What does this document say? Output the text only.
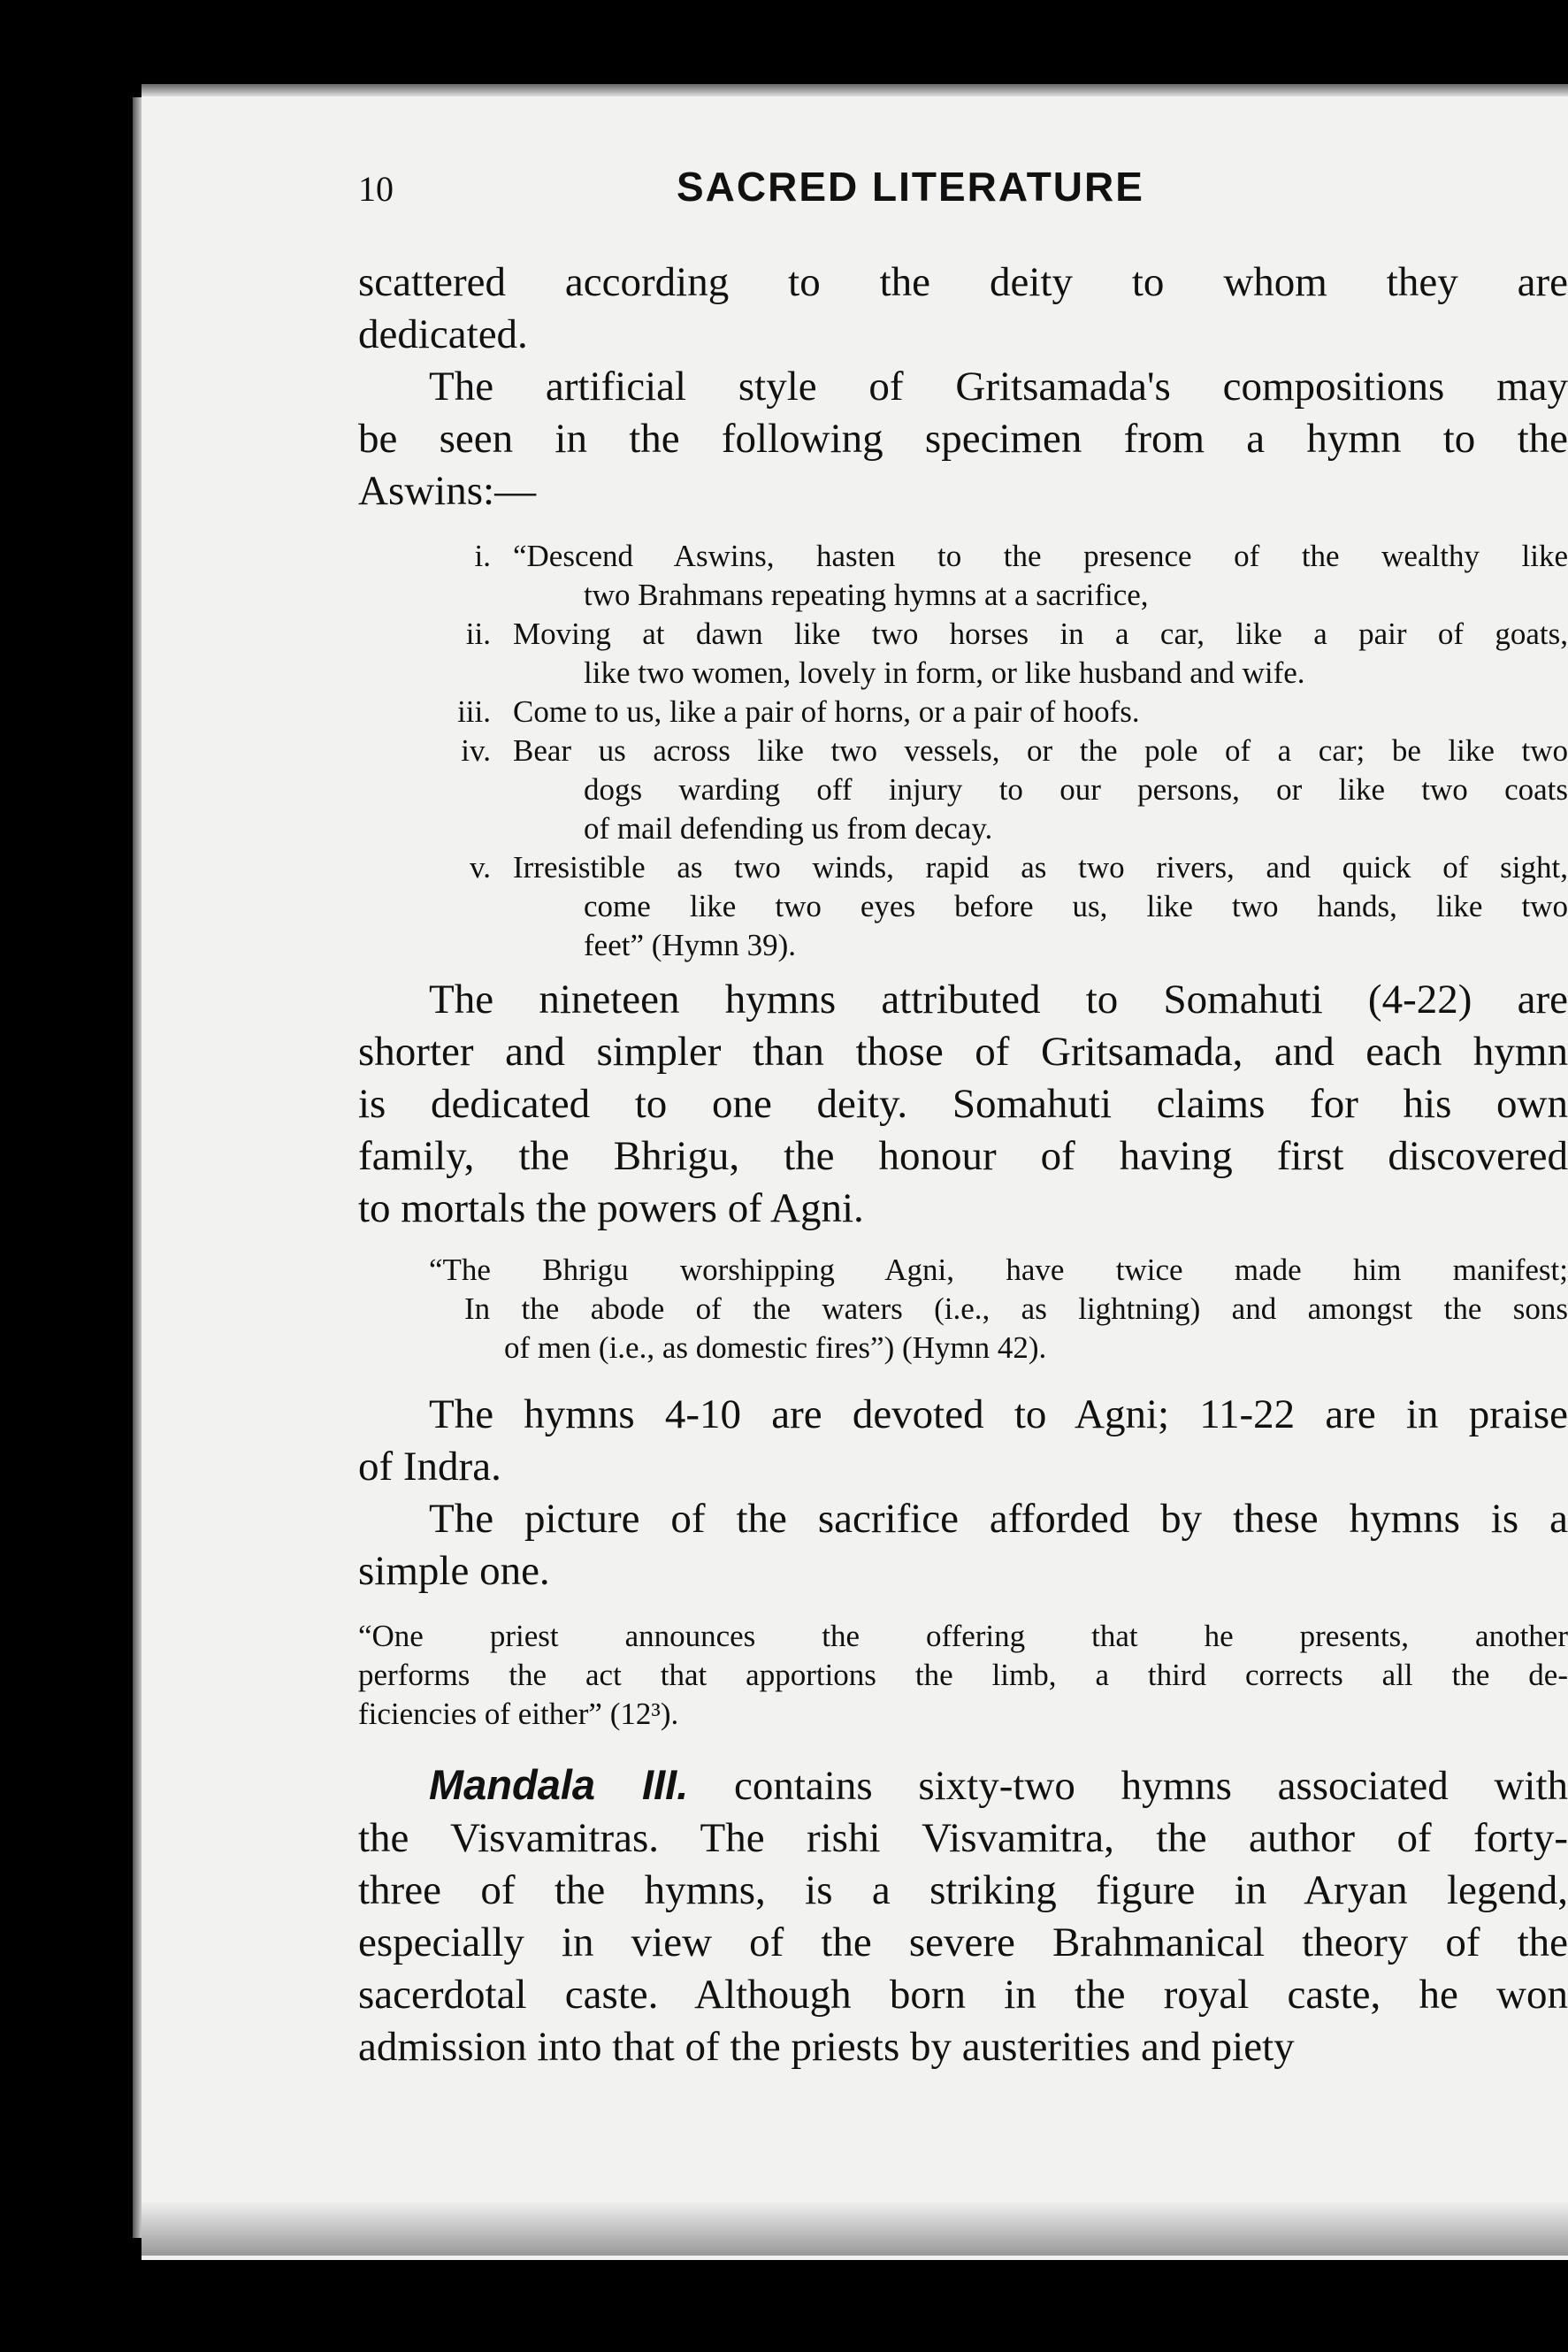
10	SACRED LITERATURE
scattered according to the deity to whom they are
dedicated.
The artificial style of Gritsamada's compositions may
be seen in the following specimen from a hymn to the
Aswins:—
i. “Descend Aswins, hasten to the presence of the wealthy like
two Brahmans repeating hymns at a sacrifice,
ii. Moving at dawn like two horses in a car, like a pair of goats,
like two women, lovely in form, or like husband and wife.
iii. Come to us, like a pair of horns, or a pair of hoofs.
iv. Bear us across like two vessels, or the pole of a car; be like two
dogs warding off injury to our persons, or like two coats
of mail defending us from decay.
v. Irresistible as two winds, rapid as two rivers, and quick of sight,
come like two eyes before us, like two hands, like two
feet” (Hymn 39).
The nineteen hymns attributed to Somahuti (4-22) are
shorter and simpler than those of Gritsamada, and each hymn
is dedicated to one deity. Somahuti claims for his own
family, the Bhrigu, the honour of having first discovered
to mortals the powers of Agni.
“The Bhrigu worshipping Agni, have twice made him manifest;
In the abode of the waters (i.e., as lightning) and amongst the sons
of men (i.e., as domestic fires”) (Hymn 42).
The hymns 4-10 are devoted to Agni; 11-22 are in praise
of Indra.
The picture of the sacrifice afforded by these hymns is a
simple one.
“One priest announces the offering that he presents, another
performs the act that apportions the limb, a third corrects all the de-
ficiencies of either” (12³).
Mandala III. contains sixty-two hymns associated with
the Visvamitras. The rishi Visvamitra, the author of forty-
three of the hymns, is a striking figure in Aryan legend,
especially in view of the severe Brahmanical theory of the
sacerdotal caste. Although born in the royal caste, he won
admission into that of the priests by austerities and piety
